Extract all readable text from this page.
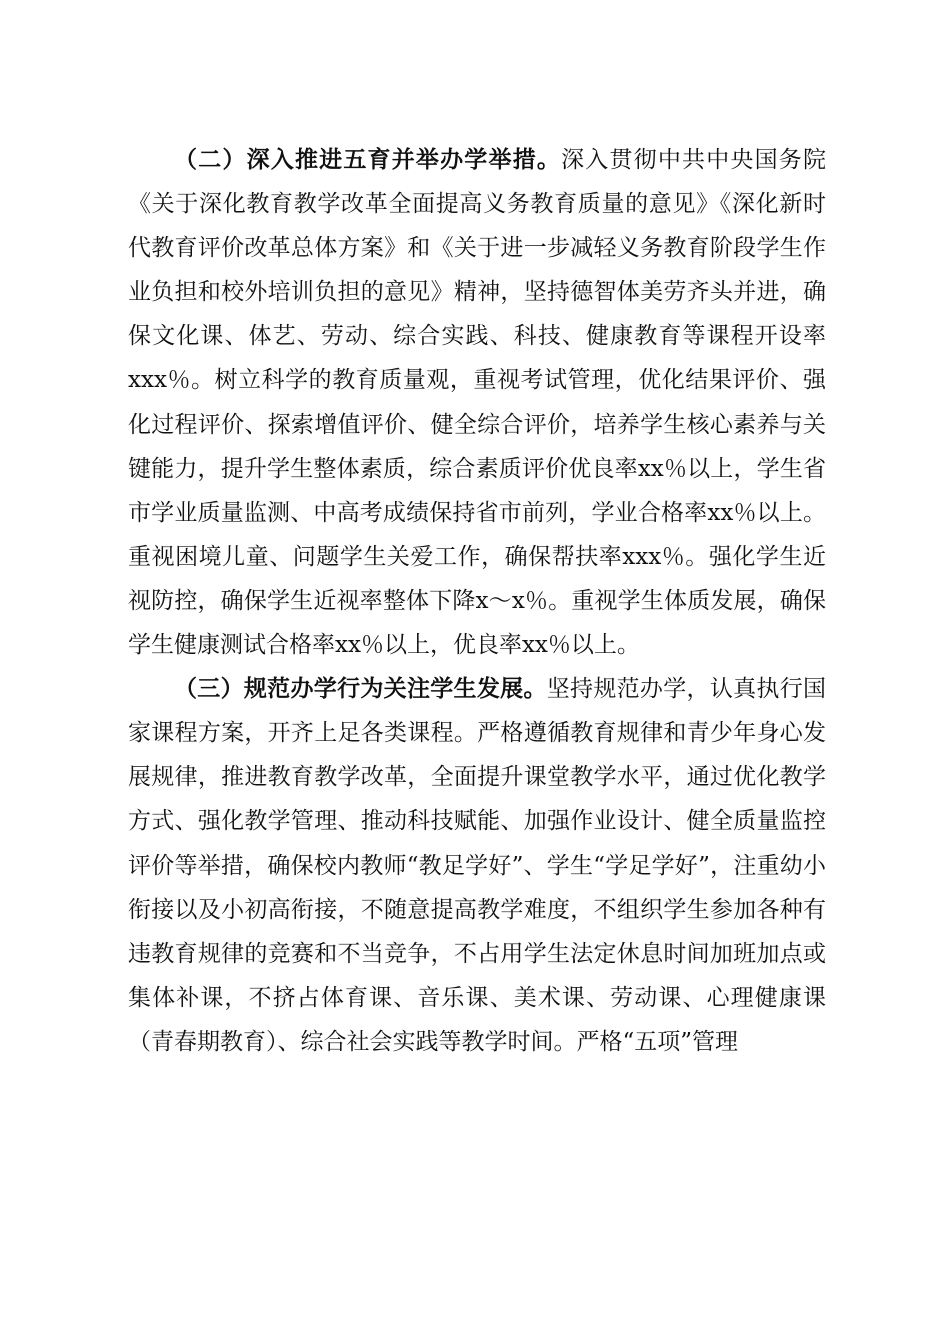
（二）深入推进五育并举办学举措。深入贯彻中共中央国务院《关于深化教育教学改革全面提高义务教育质量的意见》《深化新时代教育评价改革总体方案》和《关于进一步减轻义务教育阶段学生作业负担和校外培训负担的意见》精神，坚持德智体美劳齐头并进，确保文化课、体艺、劳动、综合实践、科技、健康教育等课程开设率xxx％。树立科学的教育质量观，重视考试管理，优化结果评价、强化过程评价、探索增值评价、健全综合评价，培养学生核心素养与关键能力，提升学生整体素质，综合素质评价优良率xx％以上，学生省市学业质量监测、中高考成绩保持省市前列，学业合格率xx％以上。重视困境儿童、问题学生关爱工作，确保帮扶率xxx％。强化学生近视防控，确保学生近视率整体下降x～x％。重视学生体质发展，确保学生健康测试合格率xx％以上，优良率xx％以上。

（三）规范办学行为关注学生发展。坚持规范办学，认真执行国家课程方案，开齐上足各类课程。严格遵循教育规律和青少年身心发展规律，推进教育教学改革，全面提升课堂教学水平，通过优化教学方式、强化教学管理、推动科技赋能、加强作业设计、健全质量监控评价等举措，确保校内教师“教足学好”、学生“学足学好”，注重幼小衔接以及小初高衔接，不随意提高教学难度，不组织学生参加各种有违教育规律的竞赛和不当竞争，不占用学生法定休息时间加班加点或集体补课，不挤占体育课、音乐课、美术课、劳动课、心理健康课（青春期教育）、综合社会实践等教学时间。严格“五项”管理
